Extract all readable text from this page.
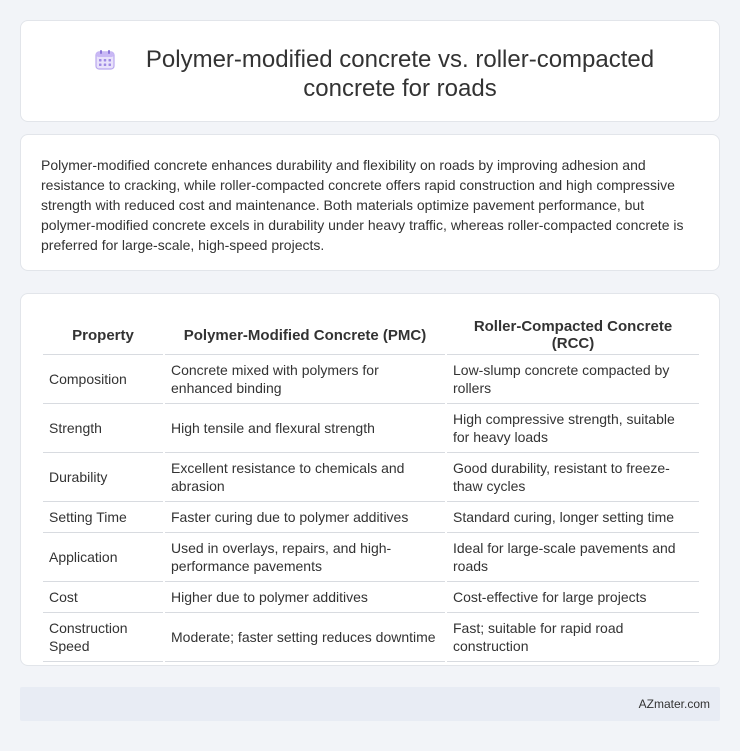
Polymer-modified concrete vs. roller-compacted concrete for roads

Polymer-modified concrete enhances durability and flexibility on roads by improving adhesion and resistance to cracking, while roller-compacted concrete offers rapid construction and high compressive strength with reduced cost and maintenance. Both materials optimize pavement performance, but polymer-modified concrete excels in durability under heavy traffic, whereas roller-compacted concrete is preferred for large-scale, high-speed projects.

Property		Polymer-Modified Concrete (PMC)		Roller-Compacted Concrete (RCC)
Composition		Concrete mixed with polymers for enhanced binding		Low-slump concrete compacted by rollers
Strength		High tensile and flexural strength		High compressive strength, suitable for heavy loads
Durability		Excellent resistance to chemicals and abrasion		Good durability, resistant to freeze-thaw cycles
Setting Time		Faster curing due to polymer additives		Standard curing, longer setting time
Application		Used in overlays, repairs, and high-performance pavements		Ideal for large-scale pavements and roads
Cost		Higher due to polymer additives		Cost-effective for large projects
Construction Speed		Moderate; faster setting reduces downtime		Fast; suitable for rapid road construction
AZmater.com
